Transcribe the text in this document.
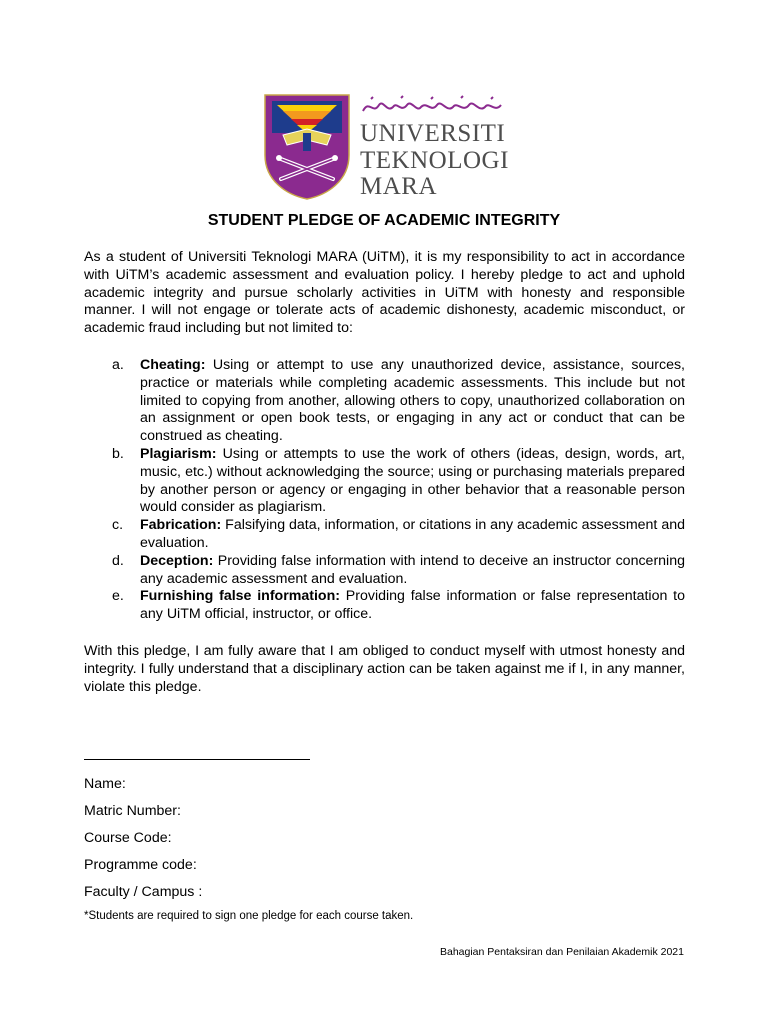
UNIVERSITI
TEKNOLOGI
MARA
STUDENT PLEDGE OF ACADEMIC INTEGRITY

As a student of Universiti Teknologi MARA (UiTM), it is my responsibility to act in accordance with UiTM’s academic assessment and evaluation policy. I hereby pledge to act and uphold academic integrity and pursue scholarly activities in UiTM with honesty and responsible manner. I will not engage or tolerate acts of academic dishonesty, academic misconduct, or academic fraud including but not limited to:

a. Cheating: Using or attempt to use any unauthorized device, assistance, sources, practice or materials while completing academic assessments. This include but not limited to copying from another, allowing others to copy, unauthorized collaboration on an assignment or open book tests, or engaging in any act or conduct that can be construed as cheating.
b. Plagiarism: Using or attempts to use the work of others (ideas, design, words, art, music, etc.) without acknowledging the source; using or purchasing materials prepared by another person or agency or engaging in other behavior that a reasonable person would consider as plagiarism.
c. Fabrication: Falsifying data, information, or citations in any academic assessment and evaluation.
d. Deception: Providing false information with intend to deceive an instructor concerning any academic assessment and evaluation.
e. Furnishing false information: Providing false information or false representation to any UiTM official, instructor, or office.

With this pledge, I am fully aware that I am obliged to conduct myself with utmost honesty and integrity. I fully understand that a disciplinary action can be taken against me if I, in any manner, violate this pledge.

Name:
Matric Number:
Course Code:
Programme code:
Faculty / Campus :
*Students are required to sign one pledge for each course taken.
Bahagian Pentaksiran dan Penilaian Akademik 2021
